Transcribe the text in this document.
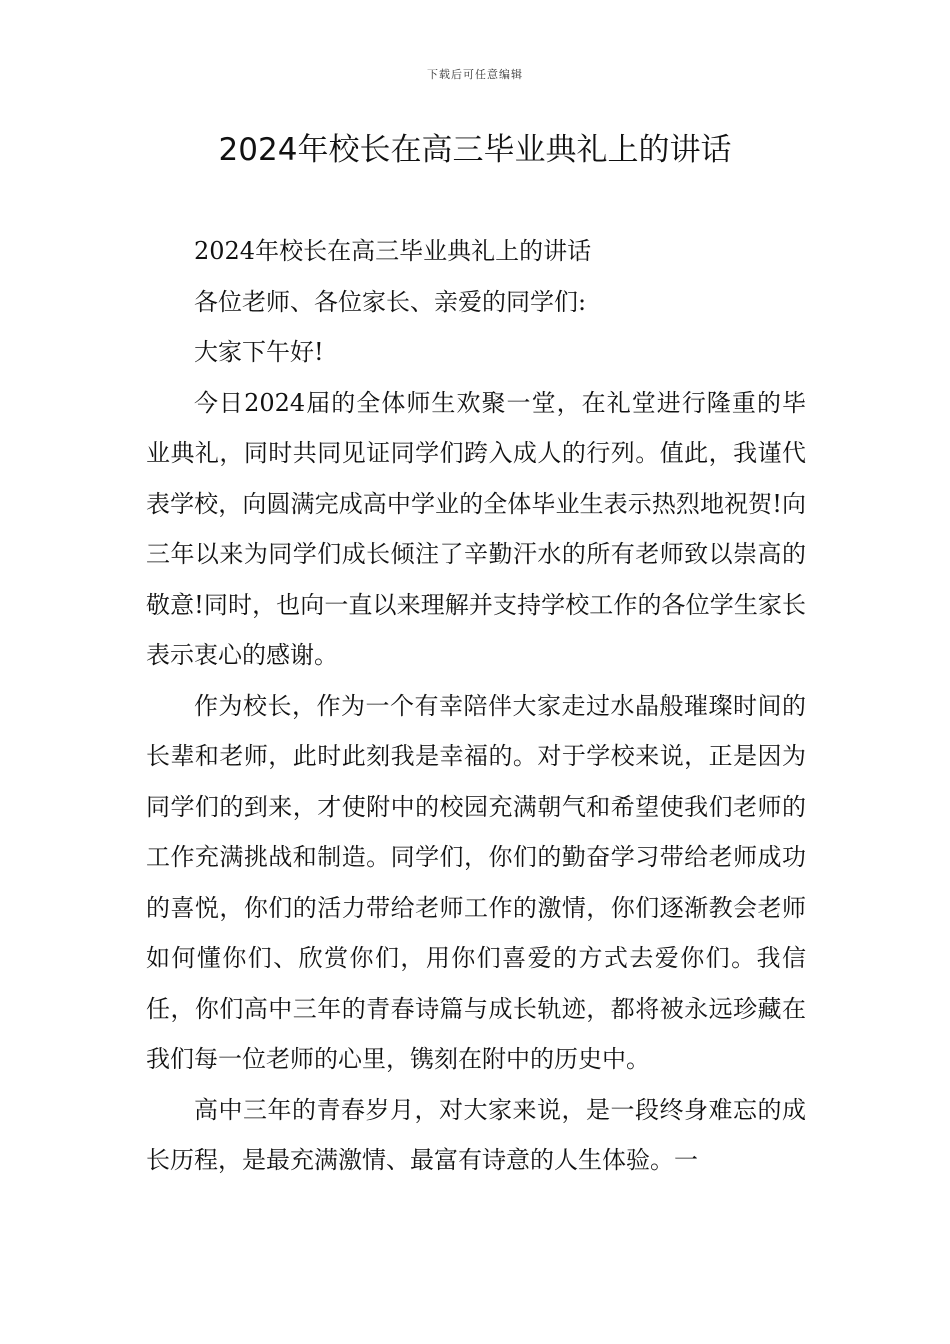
下载后可任意编辑
2024年校长在高三毕业典礼上的讲话

2024年校长在高三毕业典礼上的讲话

各位老师、各位家长、亲爱的同学们:

大家下午好!

今日2024届的全体师生欢聚一堂，在礼堂进行隆重的毕业典礼，同时共同见证同学们跨入成人的行列。值此，我谨代表学校，向圆满完成高中学业的全体毕业生表示热烈地祝贺!向三年以来为同学们成长倾注了辛勤汗水的所有老师致以崇高的敬意!同时，也向一直以来理解并支持学校工作的各位学生家长表示衷心的感谢。

作为校长，作为一个有幸陪伴大家走过水晶般璀璨时间的长辈和老师，此时此刻我是幸福的。对于学校来说，正是因为同学们的到来，才使附中的校园充满朝气和希望使我们老师的工作充满挑战和制造。同学们，你们的勤奋学习带给老师成功的喜悦，你们的活力带给老师工作的激情，你们逐渐教会老师如何懂你们、欣赏你们，用你们喜爱的方式去爱你们。我信任，你们高中三年的青春诗篇与成长轨迹，都将被永远珍藏在我们每一位老师的心里，镌刻在附中的历史中。

高中三年的青春岁月，对大家来说，是一段终身难忘的成长历程，是最充满激情、最富有诗意的人生体验。一
